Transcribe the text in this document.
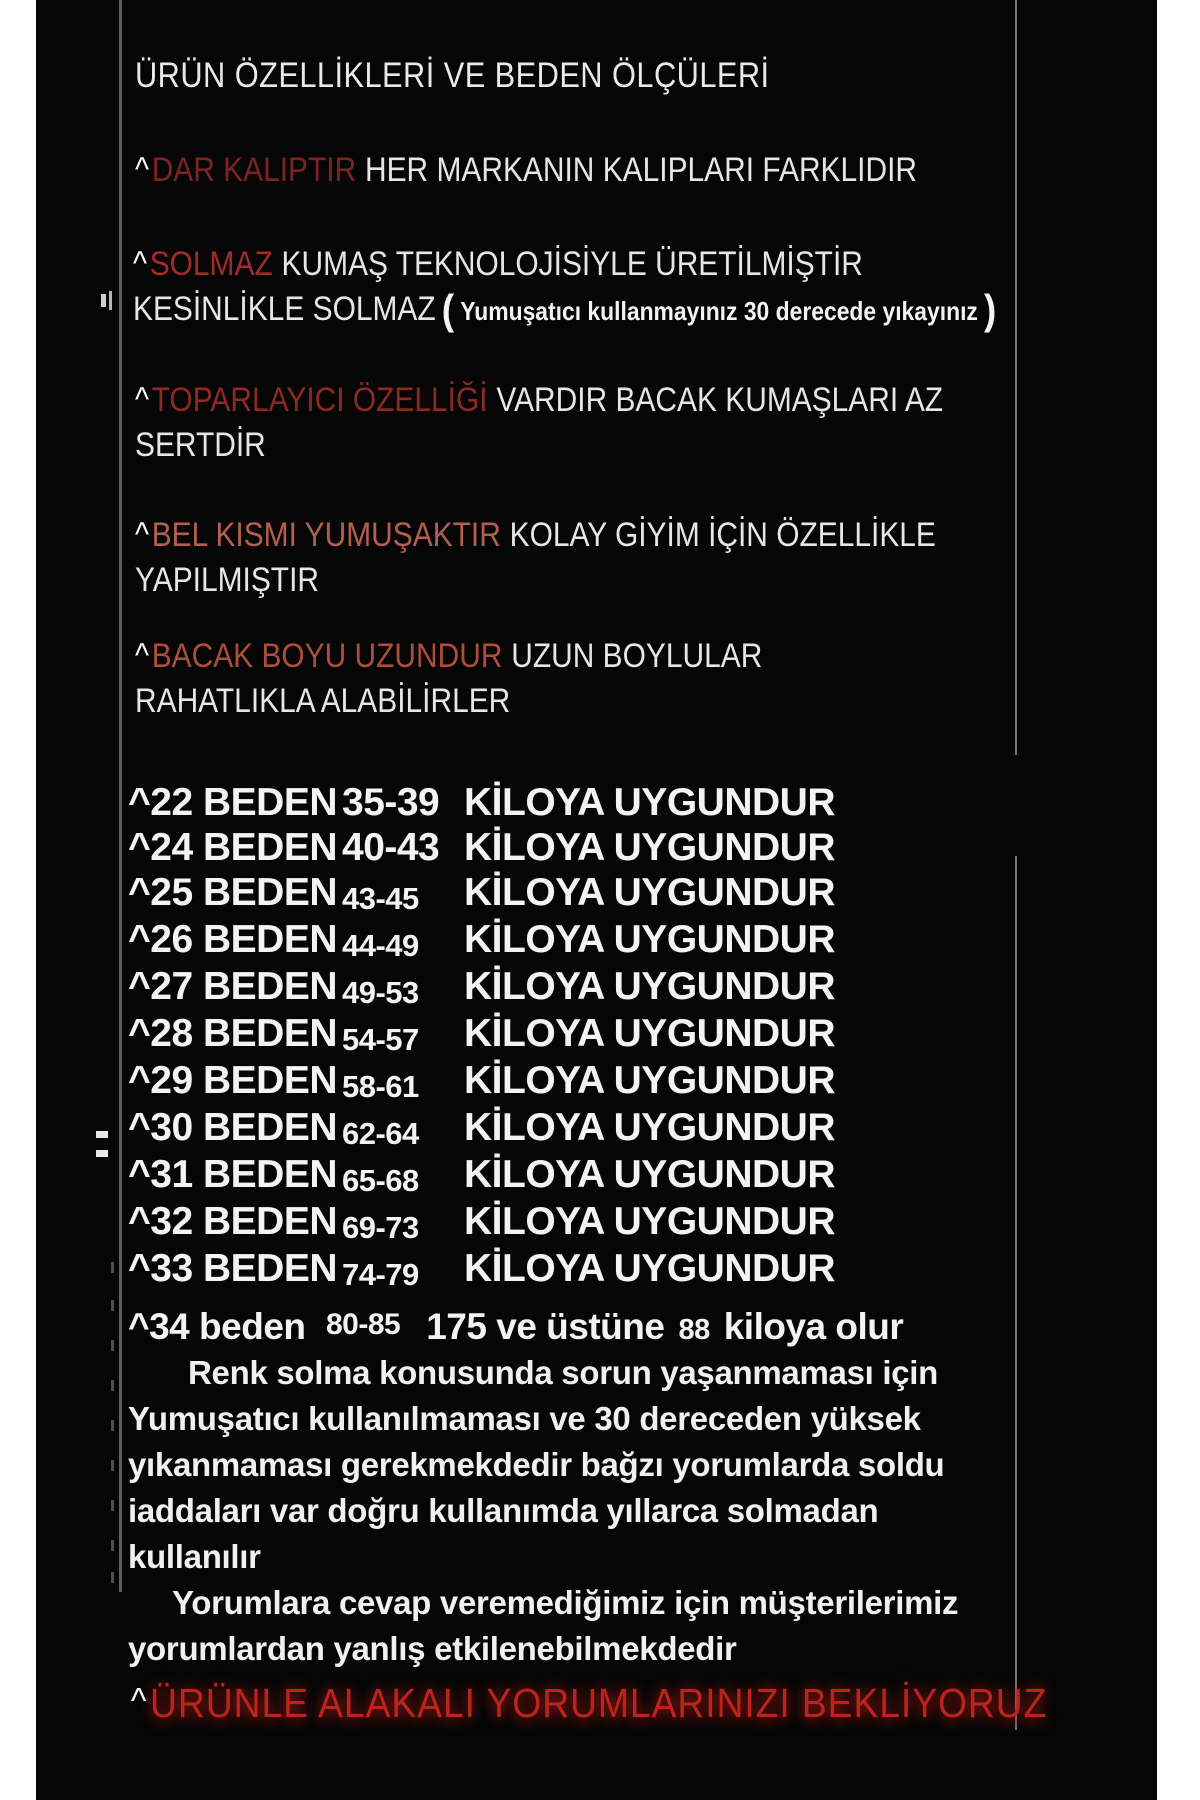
ÜRÜN ÖZELLİKLERİ VE BEDEN ÖLÇÜLERİ
^DAR KALIPTIR HER MARKANIN KALIPLARI FARKLIDIR
^SOLMAZ KUMAŞ TEKNOLOJİSİYLE ÜRETİLMİŞTİR
KESİNLİKLE SOLMAZ ( Yumuşatıcı kullanmayınız 30 derecede yıkayınız )
^TOPARLAYICI ÖZELLİĞİ VARDIR BACAK KUMAŞLARI AZ
SERTDİR
^BEL KISMI YUMUŞAKTIR KOLAY GİYİM İÇİN ÖZELLİKLE
YAPILMIŞTIR
^BACAK BOYU UZUNDUR UZUN BOYLULAR
RAHATLIKLA ALABİLİRLER
^22 BEDEN 35-39 KİLOYA UYGUNDUR
^24 BEDEN 40-43 KİLOYA UYGUNDUR
^25 BEDEN 43-45 KİLOYA UYGUNDUR
^26 BEDEN 44-49 KİLOYA UYGUNDUR
^27 BEDEN 49-53 KİLOYA UYGUNDUR
^28 BEDEN 54-57 KİLOYA UYGUNDUR
^29 BEDEN 58-61 KİLOYA UYGUNDUR
^30 BEDEN 62-64 KİLOYA UYGUNDUR
^31 BEDEN 65-68 KİLOYA UYGUNDUR
^32 BEDEN 69-73 KİLOYA UYGUNDUR
^33 BEDEN 74-79 KİLOYA UYGUNDUR
^34 beden 80-85 175 ve üstüne 88 kiloya olur
Renk solma konusunda sorun yaşanmaması için
Yumuşatıcı kullanılmaması ve 30 dereceden yüksek
yıkanmaması gerekmekdedir bağzı yorumlarda soldu
iaddaları var doğru kullanımda yıllarca solmadan
kullanılır
Yorumlara cevap veremediğimiz için müşterilerimiz
yorumlardan yanlış etkilenebilmekdedir
^ÜRÜNLE ALAKALI YORUMLARINIZI BEKLİYORUZ
